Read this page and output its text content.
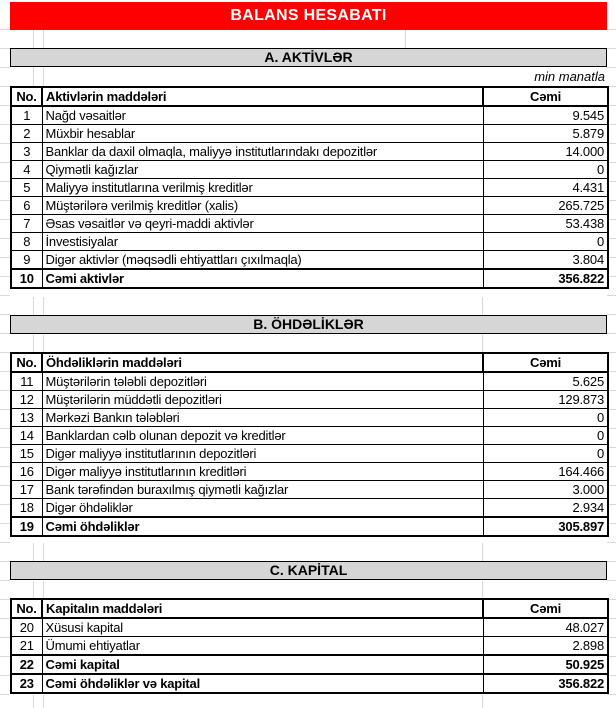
BALANS HESABATI
A. AKTİVLƏR
min manatla
No.	Aktivlərin maddələri	Cəmi
1	Nağd vəsaitlər	9.545
2	Müxbir hesablar	5.879
3	Banklar da daxil olmaqla, maliyyə institutlarındakı depozitlər	14.000
4	Qiymətli kağızlar	0
5	Maliyyə institutlarına verilmiş kreditlər	4.431
6	Müştərilərə verilmiş kreditlər (xalis)	265.725
7	Əsas vəsaitlər və qeyri-maddi aktivlər	53.438
8	İnvestisiyalar	0
9	Digər aktivlər (məqsədli ehtiyattları çıxılmaqla)	3.804
10	Cəmi aktivlər	356.822
B. ÖHDƏLİKLƏR
No.	Öhdəliklərin maddələri	Cəmi
11	Müştərilərin tələbli depozitləri	5.625
12	Müştərilərin müddətli depozitləri	129.873
13	Mərkəzi Bankın tələbləri	0
14	Banklardan cəlb olunan depozit və kreditlər	0
15	Digər maliyyə institutlarının depozitləri	0
16	Digər maliyyə institutlarının kreditləri	164.466
17	Bank tərəfindən buraxılmış qiymətli kağızlar	3.000
18	Digər öhdəliklər	2.934
19	Cəmi öhdəliklər	305.897
C. KAPİTAL
No.	Kapitalın maddələri	Cəmi
20	Xüsusi kapital	48.027
21	Ümumi ehtiyatlar	2.898
22	Cəmi kapital	50.925
23	Cəmi öhdəliklər və kapital	356.822
